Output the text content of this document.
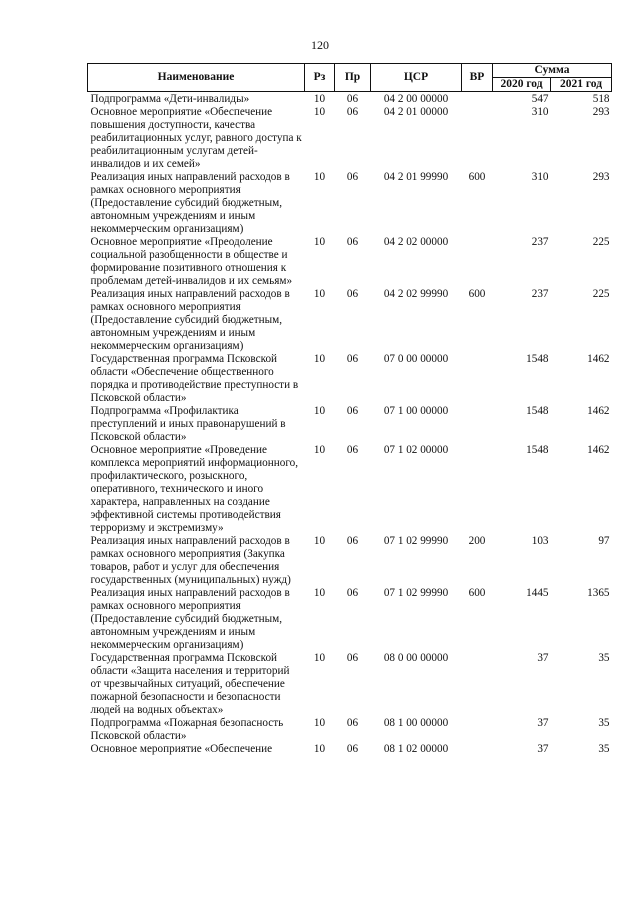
120
Наименование	Рз	Пр	ЦСР	ВР	Сумма	
					2020 год	2021 год
Подпрограмма «Дети-инвалиды»	10	06	04 2 00 00000		547	518
Основное мероприятие «Обеспечение повышения доступности, качества реабилитационных услуг, равного доступа к реабилитационным услугам детей-инвалидов и их семей»	10	06	04 2 01 00000		310	293
Реализация иных направлений расходов в рамках основного мероприятия (Предоставление субсидий бюджетным, автономным учреждениям и иным некоммерческим организациям)	10	06	04 2 01 99990	600	310	293
Основное мероприятие «Преодоление социальной разобщенности в обществе и формирование позитивного отношения к проблемам детей-инвалидов и их семьям»	10	06	04 2 02 00000		237	225
Реализация иных направлений расходов в рамках основного мероприятия (Предоставление субсидий бюджетным, автономным учреждениям и иным некоммерческим организациям)	10	06	04 2 02 99990	600	237	225
Государственная программа Псковской области «Обеспечение общественного порядка и противодействие преступности в Псковской области»	10	06	07 0 00 00000		1548	1462
Подпрограмма «Профилактика преступлений и иных правонарушений в Псковской области»	10	06	07 1 00 00000		1548	1462
Основное мероприятие «Проведение комплекса мероприятий информационного, профилактического, розыскного, оперативного, технического и иного характера, направленных на создание эффективной системы противодействия терроризму и экстремизму»	10	06	07 1 02 00000		1548	1462
Реализация иных направлений расходов в рамках основного мероприятия (Закупка товаров, работ и услуг для обеспечения государственных (муниципальных) нужд)	10	06	07 1 02 99990	200	103	97
Реализация иных направлений расходов в рамках основного мероприятия (Предоставление субсидий бюджетным, автономным учреждениям и иным некоммерческим организациям)	10	06	07 1 02 99990	600	1445	1365
Государственная программа Псковской области «Защита населения и территорий от чрезвычайных ситуаций, обеспечение пожарной безопасности и безопасности людей на водных объектах»	10	06	08 0 00 00000		37	35
Подпрограмма «Пожарная безопасность Псковской области»	10	06	08 1 00 00000		37	35
Основное мероприятие «Обеспечение	10	06	08 1 02 00000		37	35
